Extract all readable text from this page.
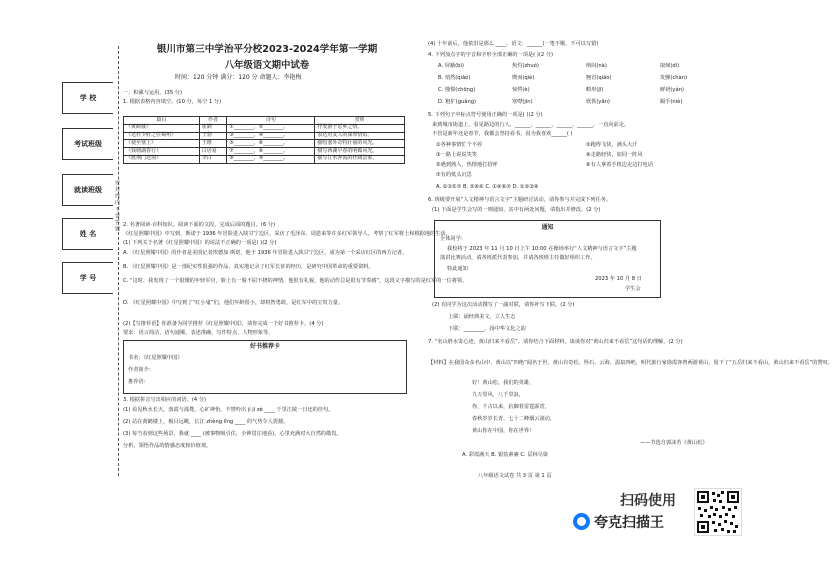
学 校
考试班级
就读班级
姓 名
学 号
密 封 线 内 不 要 答 题
银川市第三中学治平分校2023-2024学年第一学期
八年级语文期中试卷
时间：120 分钟 满分：120 分 命题人：李艳梅
一、积累与运用。(35 分)
1. 根据表格内容填空。(10 分，每空 1 分)
篇目	作者	诗句	赏析
《黄鹤楼》	崔颢	①________，②________。	抒发游子思乡之情。
《送杜少府之任蜀州》	王勃	③________，④________。	表达对友人的深厚情谊。
《使至塞上》	王维	⑤________，⑥________。	描绘塞外奇特壮丽的风光。
《钱塘湖春行》	白居易	⑦________，⑧________。	描写西湖早春的明媚风光。
《渡荆门送别》	李白	⑨________，⑩________。	描写江水奔流的壮阔景象。
2. 名著阅读·百科知识。阅读下面的文段，完成后面的题目。(6 分)
《红星照耀中国》中写到，斯诺于 1936 年冒险进入陕甘宁边区，采访了毛泽东、周恩来等许多红军领导人，考察了红军将士和根据地的生活。
(1) 下列关于名著《红星照耀中国》的说法不正确的一项是( )(2 分)
A. 《红星照耀中国》的作者是美国记者埃德加·斯诺，他于 1936 年冒险进入陕甘宁边区，成为第一个采访红区的西方记者。
B. 《红星照耀中国》是一部纪实性很强的作品，真实地记录了红军长征的经历，是研究中国革命的重要资料。
C. “这时，我发现了一个很矮的年轻军官，脸上有一股不屈不挠的神情，他很有礼貌，他的动作总是很有节奏感”，这段文字描写的是红军的一位将领。
D. 《红星照耀中国》中写到了“红小鬼”们，他们年龄很小，却机智勇敢，是红军中的宝贵力量。
(2)【写推荐语】你准备为同学推荐《红星照耀中国》，请你完成一个好书推荐卡。(4 分)
要求：语言简洁，语句通顺，表述准确，写作特点、人物形象等。
好书推荐卡
书名：《红星照耀中国》
作者简介：
推荐语：
3. 根据拼音写出相应的词语。(4 分)
(1) 看见秋水长天，落霞与孤鹜，心旷神怡，不禁吟出 jí jí zé ____ 千里江陵一日还的佳句。
(2) 站在黄鹤楼上，极目远眺，长江 zhèng lǐng ____ 的气势令人震撼。
(3) 每当看到这些场景，我就 ____ (被事物吸引住，全神贯注地看)，心里充满对大自然的敬畏。
分析，领悟作品的情感态度和价值观。
(4) 十年前后，他依旧是那么 ____。语文：______(一笔不顺，不可以写错)
4. 下列加点字的字音和字形全部正确的一项是( )(2 分)
A. 屏蔽(bì)	焦灼(zhuó)	纳闷(nà)	取缔(dì)
B. 悄然(qiǎo)	锲而(qiè)	翘首(qiáo)	发颤(chàn)
C. 憧憬(chōng)	惊愕(è)	畸形(jī)	鲜妍(yán)
D. 粗犷(guǎng)	寒噤(jìn)	恹恹(yān)	蹑手(niè)
5. 下列句子中标点符号使用正确的一项是( )(2 分)
来到城市街道上，看见路边的行人，______，______，______，______，一直向前走。
不管是新年还是春节，我都会坚持看书，因为我喜欢______( )
①各种事情忙个不停	②跑得飞快，满头大汗
③一路上说说笑笑	④走路轻快，如同一阵风
⑤遇到熟人，热情地打招呼	⑥有人拿着手机边走边打电话
⑦有的低头沉思
A. ①③⑤⑦ B. ②④⑥ C. ①④⑥⑦ D. ①②③④
6. 班级要开展“人文精神与语言文字”主题研讨活动，请你参与并完成下列任务。
(1) 下面是学生会写的一则通知，其中有两处问题，请指出并修改。(2 分)
通知
全体同学：
我校将于 2023 年 11 月 10 日上午 10:00 在操场举行“人文精神与语言文字”主题
演讲比赛活动，请各班派代表参加，并请各班班主任做好组织工作。
特此通知
2023 年 10 月 8 日
学生会
(2) 有同学为这次活动撰写了一副对联，请你补写下联。(2 分)
上联：诵经典美文，立人生志
下联：________，扬中华文化之韵
7. “名山胜水寄心迹，黄山归来不看岳”。请你结合下面材料，谈谈你对“黄山归来不看岳”这句话的理解。(2 分)
【材料】在我国众多名山中，黄山以“四绝”闻名于世。黄山有奇松、怪石、云海、温泉四绝，明代旅行家徐霞客曾两游黄山，留下了“五岳归来不看山，黄山归来不看岳”的赞叹。
好！黄山松，我们的英雄，
九万里风，八千里浪，
你，千古以来，抗御着雷霆霹雳，
春秋岁岁长青，七十二峰烟云滚动，
黄山你在中国，你在世界！
——节选自郭沫若《黄山松》
A. 彩霞满天 B. 银装素裹 C. 层林尽染
八年级语文试卷 共 3 页 第 1 页
扫码使用
夸克扫描王
